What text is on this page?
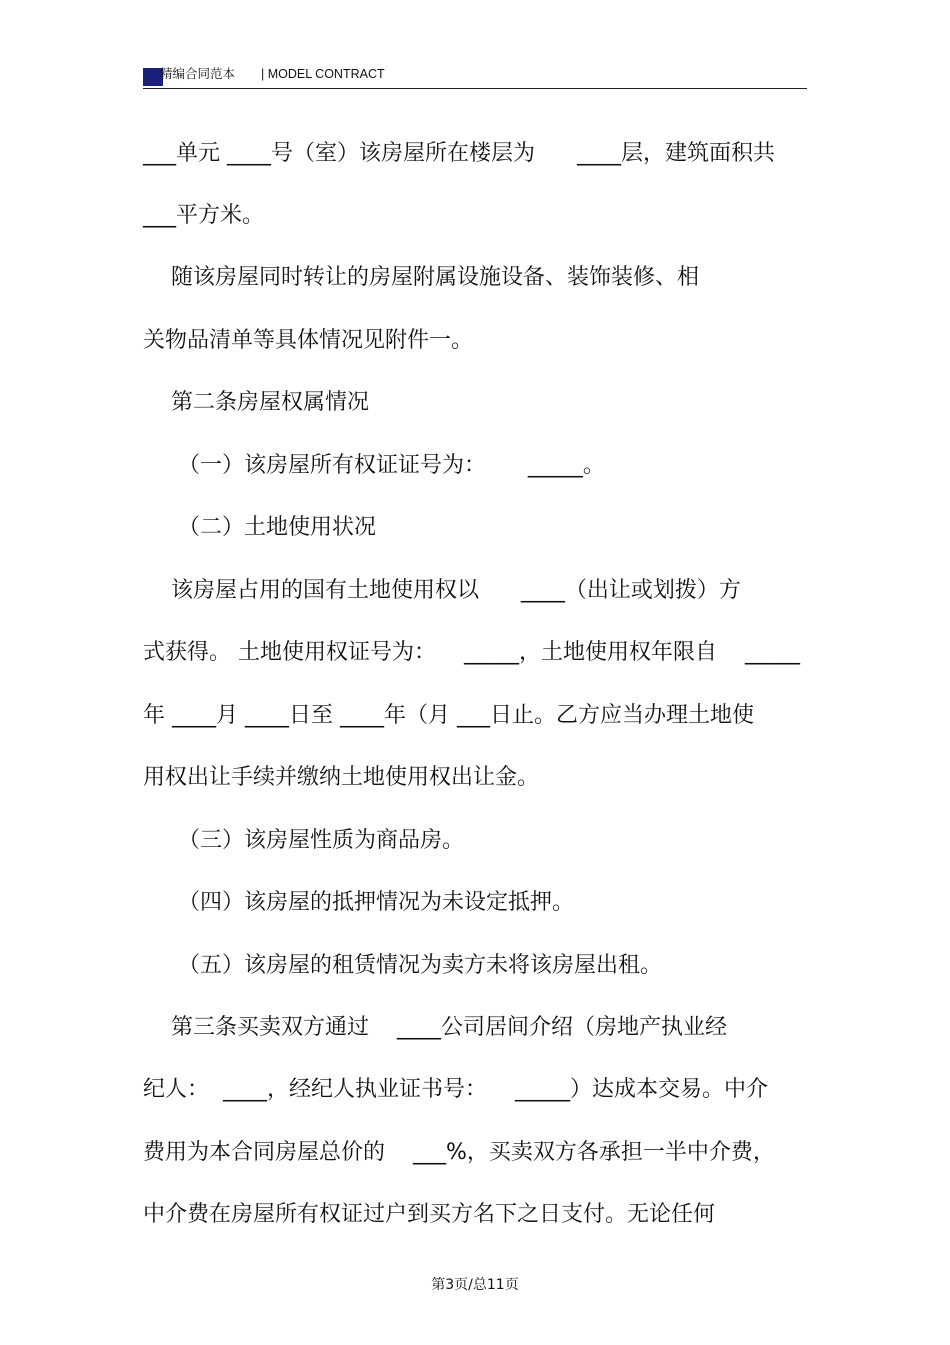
精编合同范本 | MODEL CONTRACT
___单元 ____号（室）该房屋所在楼层为      ____层，建筑面积共
___平方米。
随该房屋同时转让的房屋附属设施设备、装饰装修、相
关物品清单等具体情况见附件一。
第二条房屋权属情况
（一）该房屋所有权证证号为：      _____。
（二）土地使用状况
该房屋占用的国有土地使用权以      ____（出让或划拨）方
式获得。 土地使用权证号为：    _____，土地使用权年限自    _____
年 ____月 ____日至 ____年（月 ___日止。乙方应当办理土地使
用权出让手续并缴纳土地使用权出让金。
（三）该房屋性质为商品房。
（四）该房屋的抵押情况为未设定抵押。
（五）该房屋的租赁情况为卖方未将该房屋出租。
第三条买卖双方通过    ____公司居间介绍（房地产执业经
纪人：  ____，经纪人执业证书号：    _____）达成本交易。中介
费用为本合同房屋总价的    ___%，买卖双方各承担一半中介费，
中介费在房屋所有权证过户到买方名下之日支付。无论任何
第3页/总11页
